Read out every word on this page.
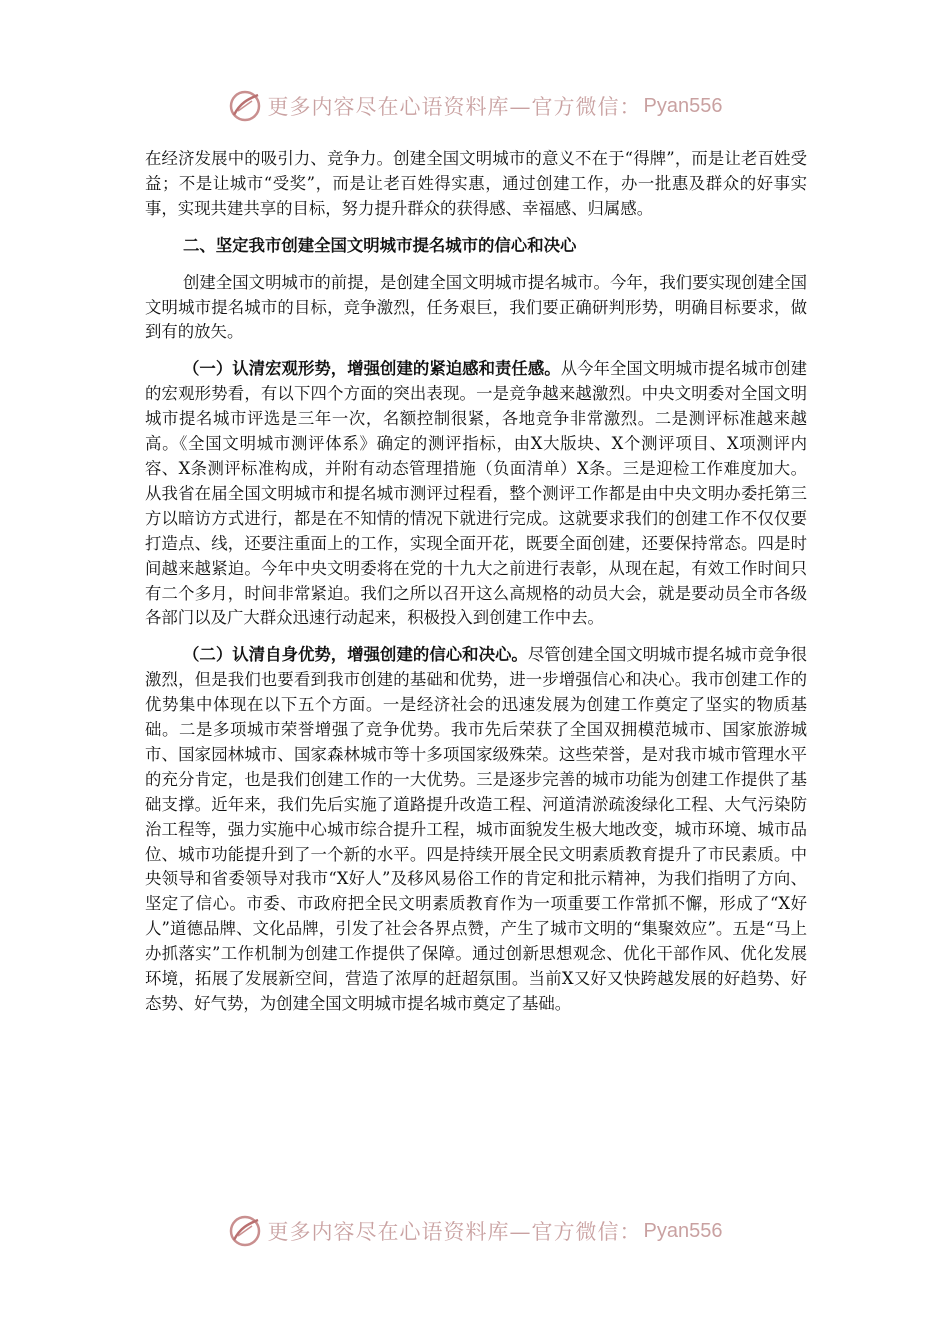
更多内容尽在心语资料库—官方微信： Pyan556

在经济发展中的吸引力、竞争力。创建全国文明城市的意义不在于“得牌”，而是让老百姓受益；不是让城市“受奖”，而是让老百姓得实惠，通过创建工作，办一批惠及群众的好事实事，实现共建共享的目标，努力提升群众的获得感、幸福感、归属感。

二、坚定我市创建全国文明城市提名城市的信心和决心

创建全国文明城市的前提，是创建全国文明城市提名城市。今年，我们要实现创建全国文明城市提名城市的目标，竞争激烈，任务艰巨，我们要正确研判形势，明确目标要求，做到有的放矢。

（一）认清宏观形势，增强创建的紧迫感和责任感。从今年全国文明城市提名城市创建的宏观形势看，有以下四个方面的突出表现。一是竞争越来越激烈。中央文明委对全国文明城市提名城市评选是三年一次，名额控制很紧，各地竞争非常激烈。二是测评标准越来越高。《全国文明城市测评体系》确定的测评指标，由X大版块、X个测评项目、X项测评内容、X条测评标准构成，并附有动态管理措施（负面清单）X条。三是迎检工作难度加大。从我省在届全国文明城市和提名城市测评过程看，整个测评工作都是由中央文明办委托第三方以暗访方式进行，都是在不知情的情况下就进行完成。这就要求我们的创建工作不仅仅要打造点、线，还要注重面上的工作，实现全面开花，既要全面创建，还要保持常态。四是时间越来越紧迫。今年中央文明委将在党的十九大之前进行表彰，从现在起，有效工作时间只有二个多月，时间非常紧迫。我们之所以召开这么高规格的动员大会，就是要动员全市各级各部门以及广大群众迅速行动起来，积极投入到创建工作中去。

（二）认清自身优势，增强创建的信心和决心。尽管创建全国文明城市提名城市竞争很激烈，但是我们也要看到我市创建的基础和优势，进一步增强信心和决心。我市创建工作的优势集中体现在以下五个方面。一是经济社会的迅速发展为创建工作奠定了坚实的物质基础。二是多项城市荣誉增强了竞争优势。我市先后荣获了全国双拥模范城市、国家旅游城市、国家园林城市、国家森林城市等十多项国家级殊荣。这些荣誉，是对我市城市管理水平的充分肯定，也是我们创建工作的一大优势。三是逐步完善的城市功能为创建工作提供了基础支撑。近年来，我们先后实施了道路提升改造工程、河道清淤疏浚绿化工程、大气污染防治工程等，强力实施中心城市综合提升工程，城市面貌发生极大地改变，城市环境、城市品位、城市功能提升到了一个新的水平。四是持续开展全民文明素质教育提升了市民素质。中央领导和省委领导对我市“X好人”及移风易俗工作的肯定和批示精神，为我们指明了方向、坚定了信心。市委、市政府把全民文明素质教育作为一项重要工作常抓不懈，形成了“X好人”道德品牌、文化品牌，引发了社会各界点赞，产生了城市文明的“集聚效应”。五是“马上办抓落实”工作机制为创建工作提供了保障。通过创新思想观念、优化干部作风、优化发展环境，拓展了发展新空间，营造了浓厚的赶超氛围。当前X又好又快跨越发展的好趋势、好态势、好气势，为创建全国文明城市提名城市奠定了基础。

更多内容尽在心语资料库—官方微信： Pyan556
